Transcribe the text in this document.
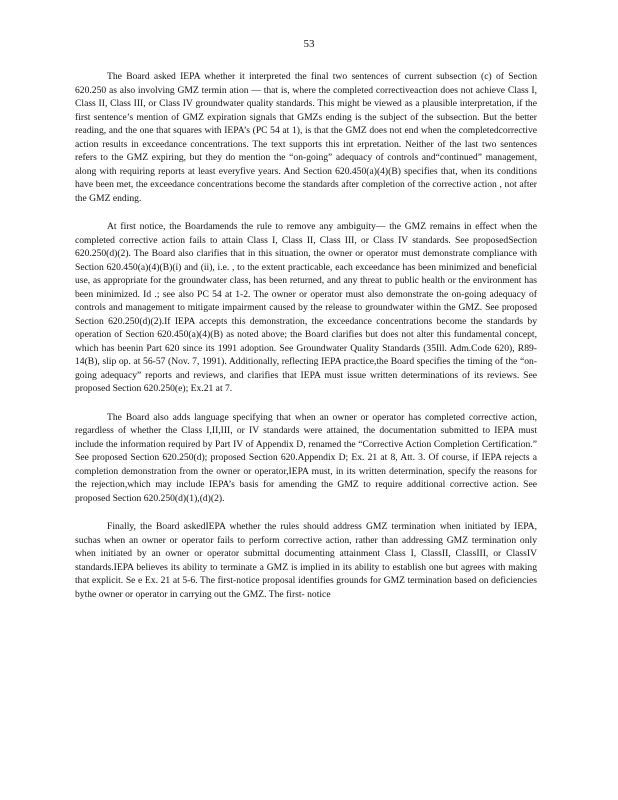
53

The Board asked IEPA whether it interpreted the final two sentences of current subsection (c) of Section 620.250 as also involving GMZ termin ation — that is, where the completed correctiveaction does not achieve Class I, Class II, Class III, or Class IV groundwater quality standards. This might be viewed as a plausible interpretation, if the first sentence’s mention of GMZ expiration signals that GMZs ending is the subject of the subsection. But the better reading, and the one that squares with IEPA’s (PC 54 at 1), is that the GMZ does not end when the completedcorrective action results in exceedance concentrations. The text supports this int erpretation. Neither of the last two sentences refers to the GMZ expiring, but they do mention the “on-going” adequacy of controls and“continued” management, along with requiring reports at least everyfive years. And Section 620.450(a)(4)(B) specifies that, when its conditions have been met, the exceedance concentrations become the standards after completion of the corrective action , not after the GMZ ending.

At first notice, the Boardamends the rule to remove any ambiguity— the GMZ remains in effect when the completed corrective action fails to attain Class I, Class II, Class III, or Class IV standards. See proposedSection 620.250(d)(2). The Board also clarifies that in this situation, the owner or operator must demonstrate compliance with Section 620.450(a)(4)(B)(i) and (ii), i.e. , to the extent practicable, each exceedance has been minimized and beneficial use, as appropriate for the groundwater class, has been returned, and any threat to public health or the environment has been minimized. Id .; see also PC 54 at 1-2. The owner or operator must also demonstrate the on-going adequacy of controls and management to mitigate impairment caused by the release to groundwater within the GMZ. See proposed Section 620.250(d)(2).If IEPA accepts this demonstration, the exceedance concentrations become the standards by operation of Section 620.450(a)(4)(B) as noted above; the Board clarifies but does not alter this fundamental concept, which has beenin Part 620 since its 1991 adoption. See Groundwater Quality Standards (35Ill. Adm.Code 620), R89-14(B), slip op. at 56-57 (Nov. 7, 1991). Additionally, reflecting IEPA practice,the Board specifies the timing of the “on-going adequacy” reports and reviews, and clarifies that IEPA must issue written determinations of its reviews. See proposed Section 620.250(e); Ex.21 at 7.

The Board also adds language specifying that when an owner or operator has completed corrective action, regardless of whether the Class I,II,III, or IV standards were attained, the documentation submitted to IEPA must include the information required by Part IV of Appendix D, renamed the “Corrective Action Completion Certification.” See proposed Section 620.250(d); proposed Section 620.Appendix D; Ex. 21 at 8, Att. 3. Of course, if IEPA rejects a completion demonstration from the owner or operator,IEPA must, in its written determination, specify the reasons for the rejection,which may include IEPA’s basis for amending the GMZ to require additional corrective action. See proposed Section 620.250(d)(1),(d)(2).

Finally, the Board askedIEPA whether the rules should address GMZ termination when initiated by IEPA, suchas when an owner or operator fails to perform corrective action, rather than addressing GMZ termination only when initiated by an owner or operator submittal documenting attainment Class I, ClassII, ClassIII, or ClassIV standards.IEPA believes its ability to terminate a GMZ is implied in its ability to establish one but agrees with making that explicit. Se e Ex. 21 at 5-6. The first-notice proposal identifies grounds for GMZ termination based on deficiencies bythe owner or operator in carrying out the GMZ. The first- notice
